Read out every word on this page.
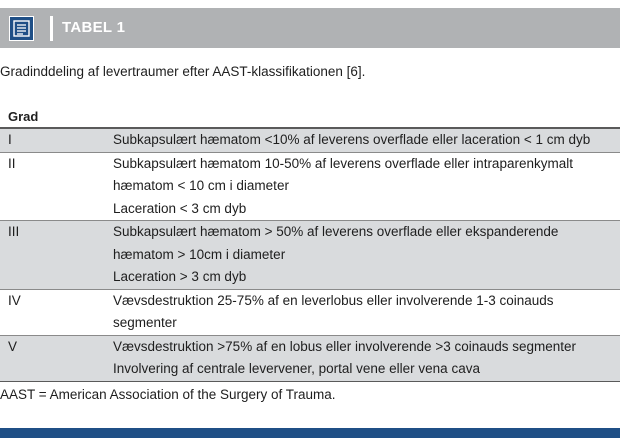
TABEL 1
Gradinddeling af levertraumer efter AAST-klassifikationen [6].
Grad
I	Subkapsulært hæmatom <10% af leverens overflade eller laceration < 1 cm dyb
II	Subkapsulært hæmatom 10-50% af leverens overflade eller intraparenkymalt
hæmatom < 10 cm i diameter
Laceration < 3 cm dyb
III	Subkapsulært hæmatom > 50% af leverens overflade eller ekspanderende
hæmatom > 10cm i diameter
Laceration > 3 cm dyb
IV	Vævsdestruktion 25-75% af en leverlobus eller involverende 1-3 coinauds
segmenter
V	Vævsdestruktion >75% af en lobus eller involverende >3 coinauds segmenter
Involvering af centrale levervener, portal vene eller vena cava
AAST = American Association of the Surgery of Trauma.
